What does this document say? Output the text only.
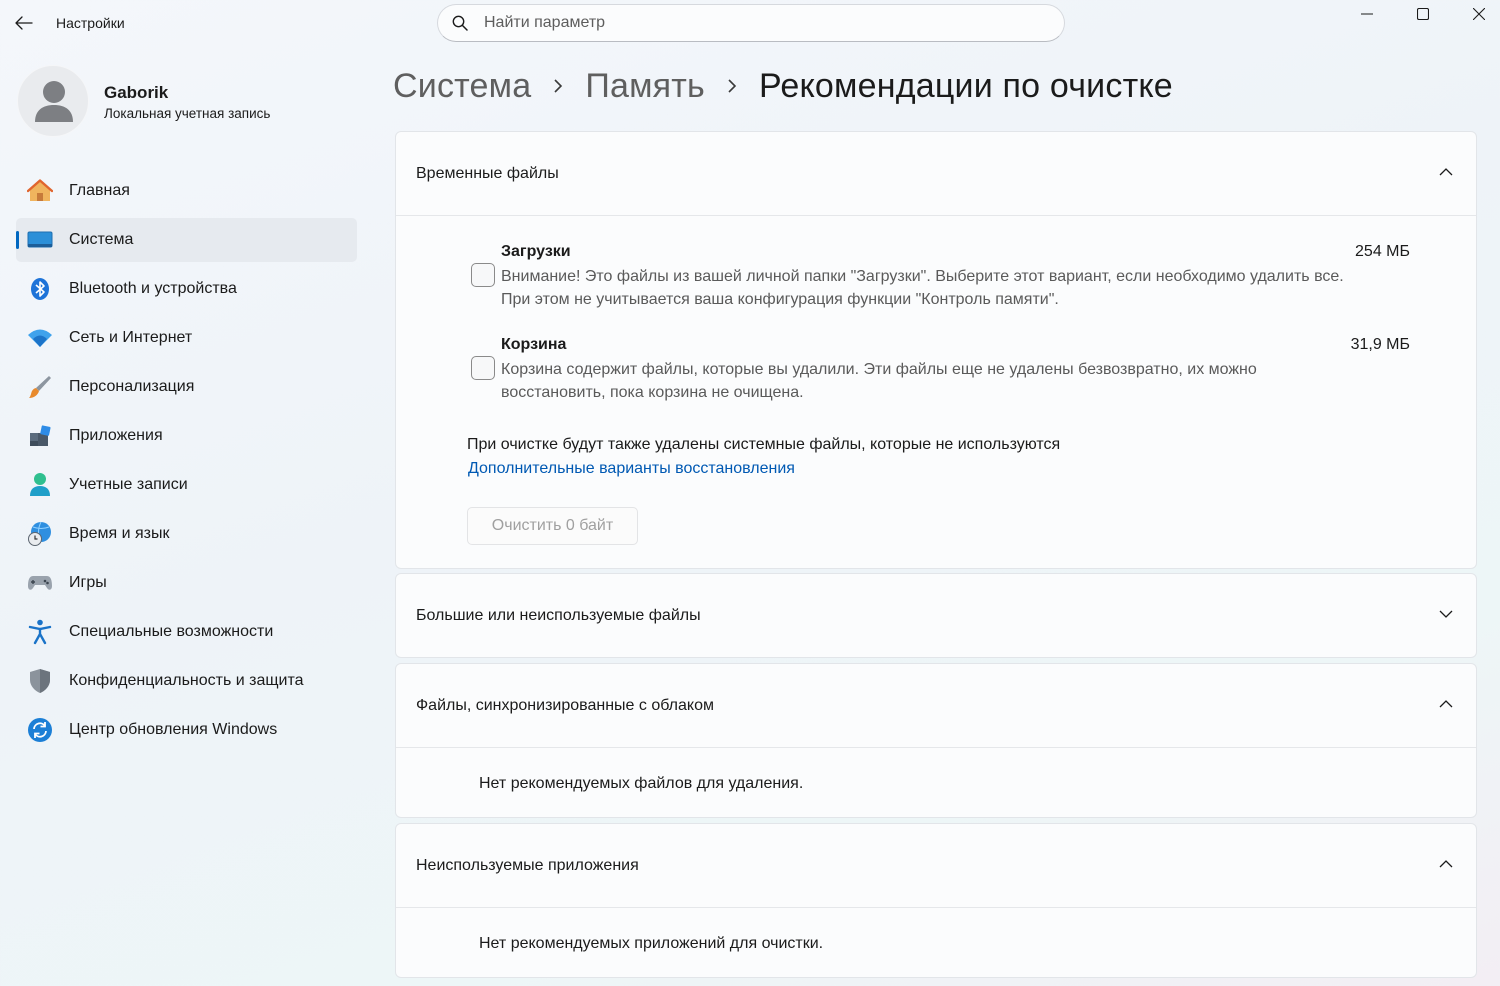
Настройки
Найти параметр
Gaborik
Локальная учетная запись
Главная
Система
Bluetooth и устройства
Сеть и Интернет
Персонализация
Приложения
Учетные записи
Время и язык
Игры
Специальные возможности
Конфиденциальность и защита
Центр обновления Windows
Система Память Рекомендации по очистке
Временные файлы
Загрузки	254 МБ
Внимание! Это файлы из вашей личной папки "Загрузки". Выберите этот вариант, если необходимо удалить все.
При этом не учитывается ваша конфигурация функции "Контроль памяти".
Корзина	31,9 МБ
Корзина содержит файлы, которые вы удалили. Эти файлы еще не удалены безвозвратно, их можно
восстановить, пока корзина не очищена.
При очистке будут также удалены системные файлы, которые не используются
Дополнительные варианты восстановления
Очистить 0 байт
Большие или неиспользуемые файлы
Файлы, синхронизированные с облаком
Нет рекомендуемых файлов для удаления.
Неиспользуемые приложения
Нет рекомендуемых приложений для очистки.
